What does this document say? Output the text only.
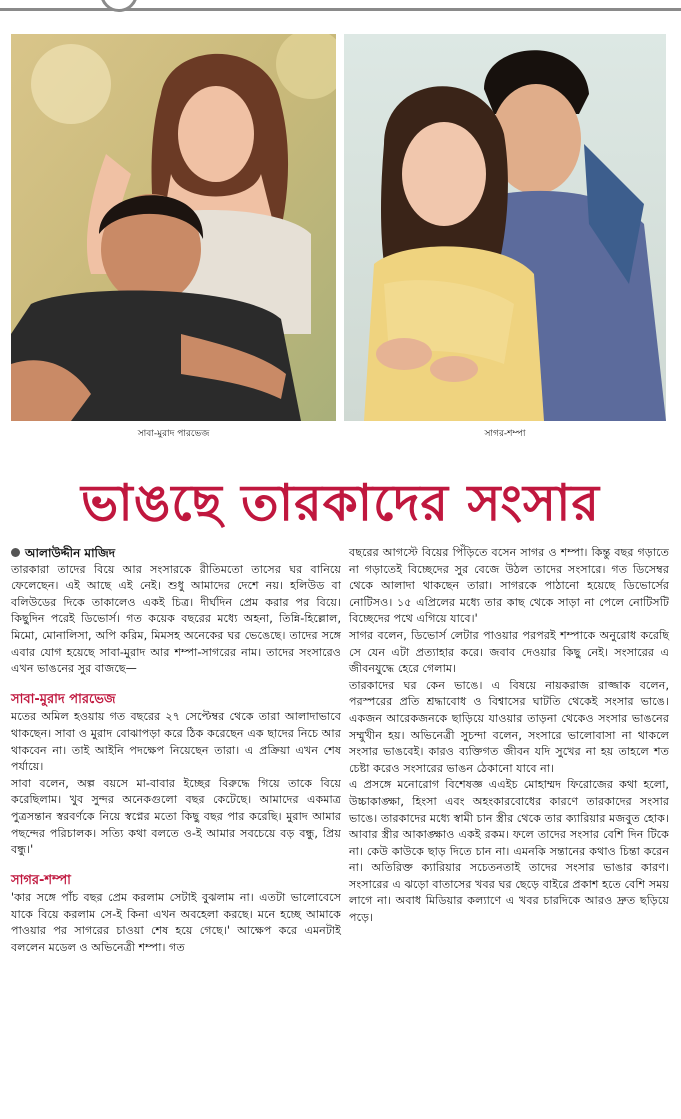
সাবা-মুরাদ পারভেজ	সাগর-শম্পা
ভাঙছে তারকাদের সংসার

আলাউদ্দীন মাজিদ

তারকারা তাদের বিয়ে আর সংসারকে রীতিমতো তাসের ঘর বানিয়ে ফেলেছেন। এই আছে এই নেই। শুধু আমাদের দেশে নয়। হলিউড বা বলিউডের দিকে তাকালেও একই চিত্র। দীর্ঘদিন প্রেম করার পর বিয়ে। কিছুদিন পরেই ডিভোর্স। গত কয়েক বছরের মধ্যে অহনা, তিন্নি-হিল্লোল, মিমো, মোনালিসা, অপি করিম, মিমসহ অনেকের ঘর ভেঙেছে। তাদের সঙ্গে এবার যোগ হয়েছে সাবা-মুরাদ আর শম্পা-সাগরের নাম। তাদের সংসারেও এখন ভাঙনের সুর বাজছে—

সাবা-মুরাদ পারভেজ

মতের অমিল হওয়ায় গত বছরের ২৭ সেপ্টেম্বর থেকে তারা আলাদাভাবে থাকছেন। সাবা ও মুরাদ বোঝাপড়া করে ঠিক করেছেন এক ছাদের নিচে আর থাকবেন না। তাই আইনি পদক্ষেপ নিয়েছেন তারা। এ প্রক্রিয়া এখন শেষ পর্যায়ে।

সাবা বলেন, অল্প বয়সে মা-বাবার ইচ্ছের বিরুদ্ধে গিয়ে তাকে বিয়ে করেছিলাম। খুব সুন্দর অনেকগুলো বছর কেটেছে। আমাদের একমাত্র পুত্রসন্তান স্বরবর্ণকে নিয়ে স্বপ্নের মতো কিছু বছর পার করেছি। মুরাদ আমার পছন্দের পরিচালক। সত্যি কথা বলতে ও-ই আমার সবচেয়ে বড় বন্ধু, প্রিয় বন্ধু।'

সাগর-শম্পা

'কার সঙ্গে পাঁচ বছর প্রেম করলাম সেটাই বুঝলাম না। এতটা ভালোবেসে যাকে বিয়ে করলাম সে-ই কিনা এখন অবহেলা করছে। মনে হচ্ছে আমাকে পাওয়ার পর সাগরের চাওয়া শেষ হয়ে গেছে।' আক্ষেপ করে এমনটাই বললেন মডেল ও অভিনেত্রী শম্পা। গত

বছরের আগস্টে বিয়ের পিঁড়িতে বসেন সাগর ও শম্পা। কিন্তু বছর গড়াতে না গড়াতেই বিচ্ছেদের সুর বেজে উঠল তাদের সংসারে। গত ডিসেম্বর থেকে আলাদা থাকছেন তারা। সাগরকে পাঠানো হয়েছে ডিভোর্সের নোটিসও। ১৫ এপ্রিলের মধ্যে তার কাছ থেকে সাড়া না পেলে নোটিসটি বিচ্ছেদের পথে এগিয়ে যাবে।'

সাগর বলেন, ডিভোর্স লেটার পাওয়ার পরপরই শম্পাকে অনুরোধ করেছি সে যেন এটা প্রত্যাহার করে। জবাব দেওয়ার কিছু নেই। সংসারের এ জীবনযুদ্ধে হেরে গেলাম।

তারকাদের ঘর কেন ভাঙে। এ বিষয়ে নায়করাজ রাজ্জাক বলেন, পরস্পরের প্রতি শ্রদ্ধাবোধ ও বিশ্বাসের ঘাটতি থেকেই সংসার ভাঙে। একজন আরেকজনকে ছাড়িয়ে যাওয়ার তাড়না থেকেও সংসার ভাঙনের সম্মুখীন হয়। অভিনেত্রী সুচন্দা বলেন, সংসারে ভালোবাসা না থাকলে সংসার ভাঙবেই। কারও ব্যক্তিগত জীবন যদি সুখের না হয় তাহলে শত চেষ্টা করেও সংসারের ভাঙন ঠেকানো যাবে না।

এ প্রসঙ্গে মনোরোগ বিশেষজ্ঞ এএইচ মোহাম্মদ ফিরোজের কথা হলো, উচ্চাকাঙ্ক্ষা, হিংসা এবং অহংকারবোধের কারণে তারকাদের সংসার ভাঙে। তারকাদের মধ্যে স্বামী চান স্ত্রীর থেকে তার ক্যারিয়ার মজবুত হোক। আবার স্ত্রীর আকাঙ্ক্ষাও একই রকম। ফলে তাদের সংসার বেশি দিন টিকে না। কেউ কাউকে ছাড় দিতে চান না। এমনকি সন্তানের কথাও চিন্তা করেন না। অতিরিক্ত ক্যারিয়ার সচেতনতাই তাদের সংসার ভাঙার কারণ। সংসারের এ ঝড়ো বাতাসের খবর ঘর ছেড়ে বাইরে প্রকাশ হতে বেশি সময় লাগে না। অবাধ মিডিয়ার কল্যাণে এ খবর চারদিকে আরও দ্রুত ছড়িয়ে পড়ে।
